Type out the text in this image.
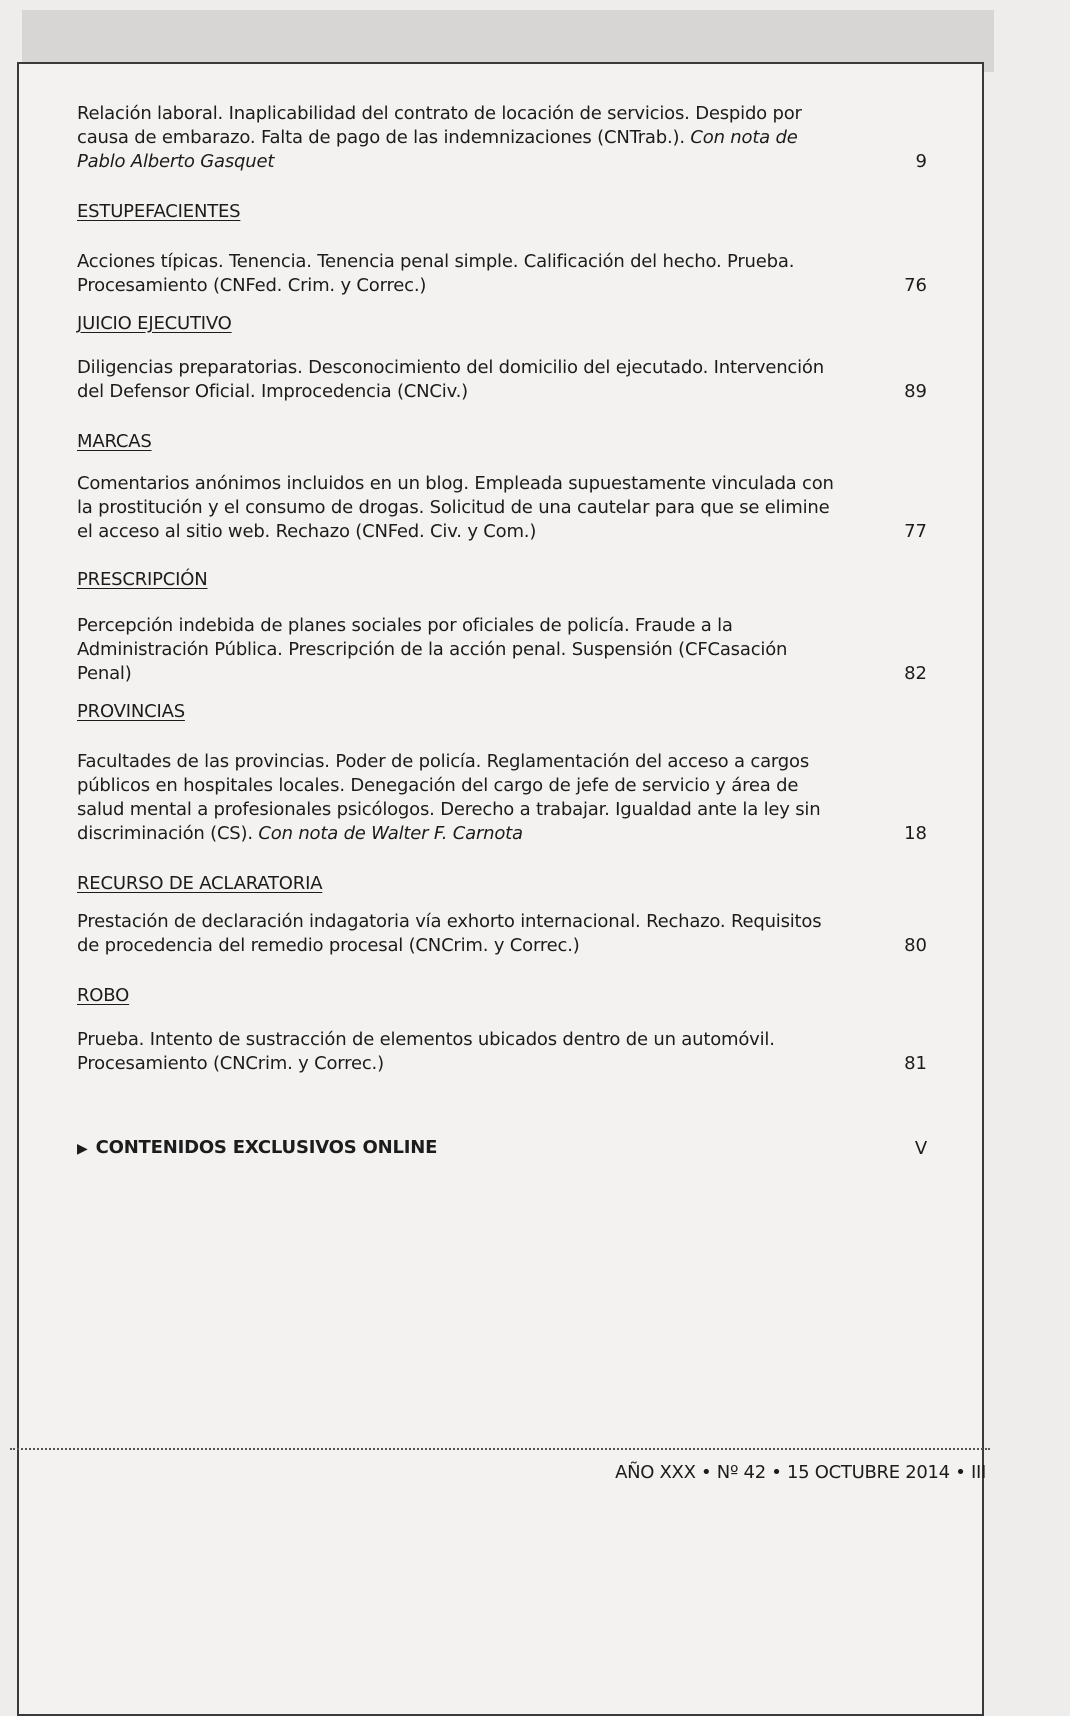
Relación laboral. Inaplicabilidad del contrato de locación de servicios. Despido por causa de embarazo. Falta de pago de las indemnizaciones (CNTrab.). Con nota de Pablo Alberto Gasquet	9
ESTUPEFACIENTES
Acciones típicas. Tenencia. Tenencia penal simple. Calificación del hecho. Prueba. Procesamiento (CNFed. Crim. y Correc.)	76
JUICIO EJECUTIVO
Diligencias preparatorias. Desconocimiento del domicilio del ejecutado. Intervención del Defensor Oficial. Improcedencia (CNCiv.)	89
MARCAS
Comentarios anónimos incluidos en un blog. Empleada supuestamente vinculada con la prostitución y el consumo de drogas. Solicitud de una cautelar para que se elimine el acceso al sitio web. Rechazo (CNFed. Civ. y Com.)	77
PRESCRIPCIÓN
Percepción indebida de planes sociales por oficiales de policía. Fraude a la Administración Pública. Prescripción de la acción penal. Suspensión (CFCasación Penal)	82
PROVINCIAS
Facultades de las provincias. Poder de policía. Reglamentación del acceso a cargos públicos en hospitales locales. Denegación del cargo de jefe de servicio y área de salud mental a profesionales psicólogos. Derecho a trabajar. Igualdad ante la ley sin discriminación (CS). Con nota de Walter F. Carnota	18
RECURSO DE ACLARATORIA
Prestación de declaración indagatoria vía exhorto internacional. Rechazo. Requisitos de procedencia del remedio procesal (CNCrim. y Correc.)	80
ROBO
Prueba. Intento de sustracción de elementos ubicados dentro de un automóvil. Procesamiento (CNCrim. y Correc.)	81
▶ CONTENIDOS EXCLUSIVOS ONLINE	V
AÑO XXX • Nº 42 • 15 OCTUBRE 2014 • III
